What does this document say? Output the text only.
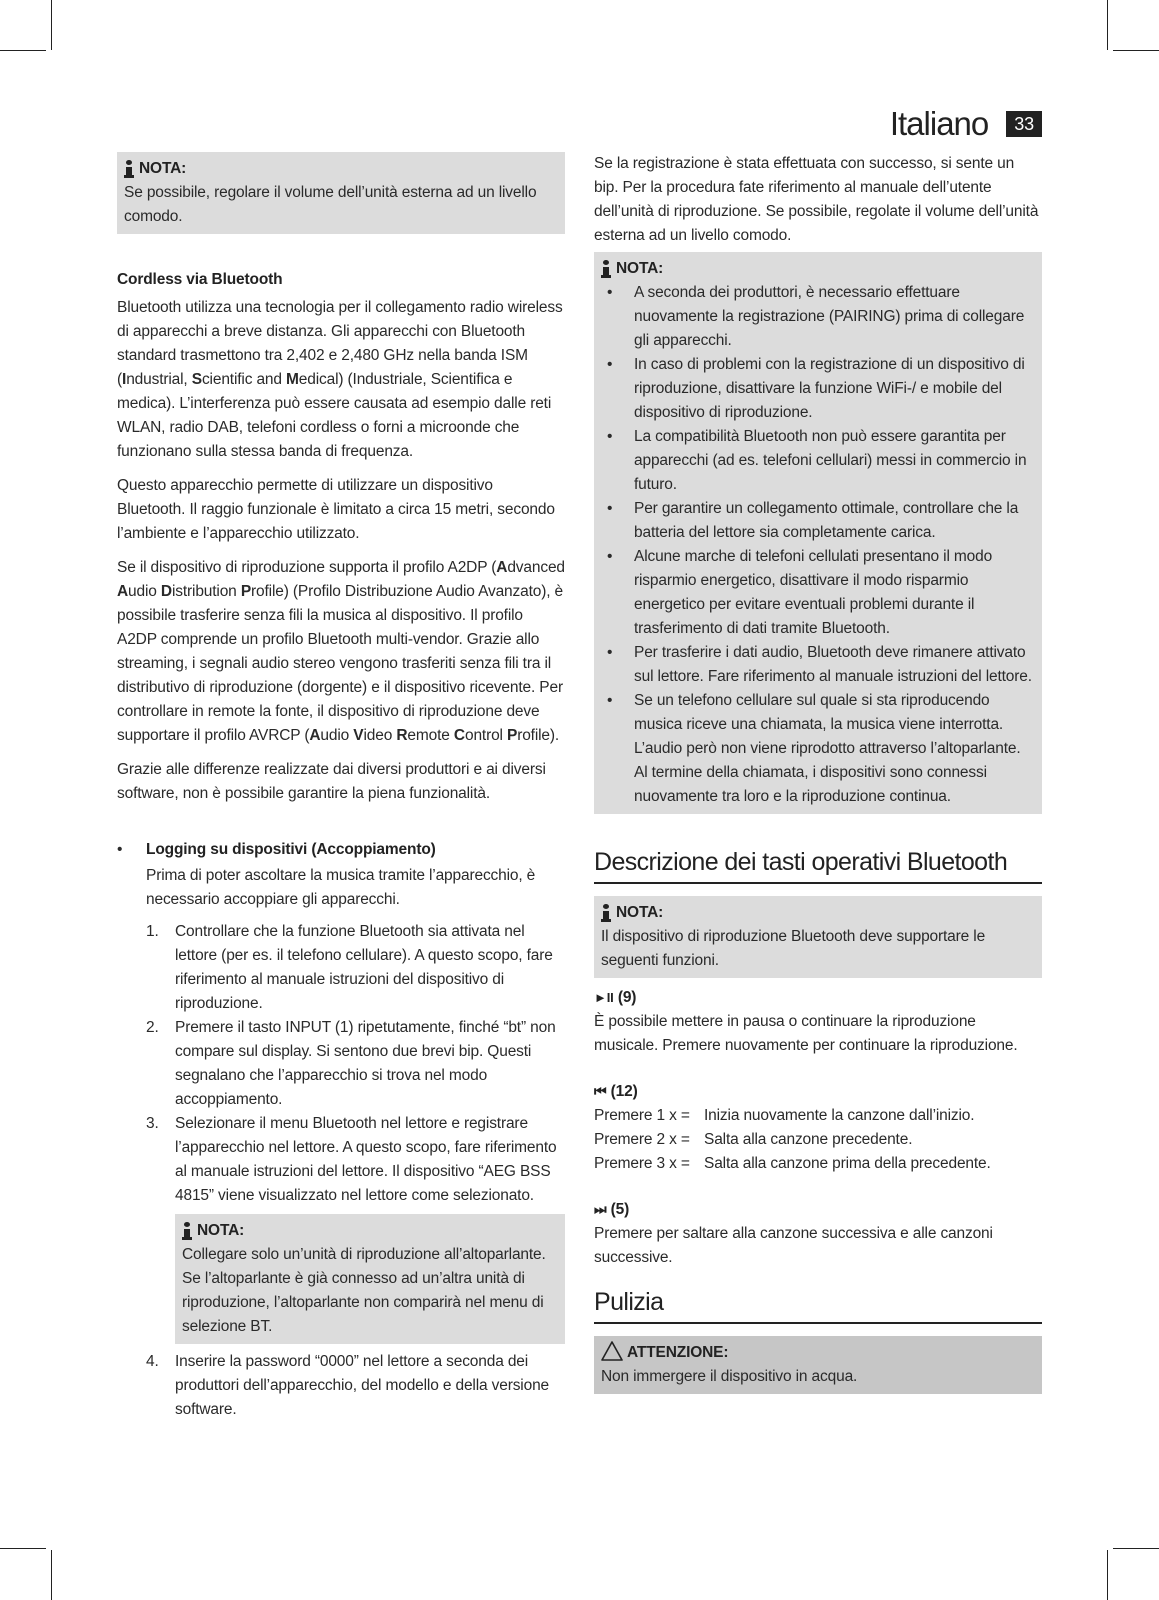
Italiano	33
NOTA:

Se possibile, regolare il volume dell’unità esterna ad un livello comodo.

Cordless via Bluetooth

Bluetooth utilizza una tecnologia per il collegamento radio wireless di apparecchi a breve distanza. Gli apparecchi con Bluetooth standard trasmettono tra 2,402 e 2,480 GHz nella banda ISM (Industrial, Scientific and Medical) (Industriale, Scientifica e medica). L’interferenza può essere causata ad esempio dalle reti WLAN, radio DAB, telefoni cordless o forni a microonde che funzionano sulla stessa banda di frequenza.

Questo apparecchio permette di utilizzare un dispositivo Bluetooth. Il raggio funzionale è limitato a circa 15 metri, secondo l’ambiente e l’apparecchio utilizzato.

Se il dispositivo di riproduzione supporta il profilo A2DP (Advanced Audio Distribution Profile) (Profilo Distribuzione Audio Avanzato), è possibile trasferire senza fili la musica al dispositivo. Il profilo A2DP comprende un profilo Bluetooth multi-vendor. Grazie allo streaming, i segnali audio stereo vengono trasferiti senza fili tra il distributivo di riproduzione (dorgente) e il dispositivo ricevente. Per controllare in remote la fonte, il dispositivo di riproduzione deve supportare il profilo AVRCP (Audio Video Remote Control Profile).

Grazie alle differenze realizzate dai diversi produttori e ai diversi software, non è possibile garantire la piena funzionalità.

•	Logging su dispositivi (Accoppiamento)

Prima di poter ascoltare la musica tramite l’apparecchio, è necessario accoppiare gli apparecchi.

1.	Controllare che la funzione Bluetooth sia attivata nel lettore (per es. il telefono cellulare). A questo scopo, fare riferimento al manuale istruzioni del dispositivo di riproduzione.

2.	Premere il tasto INPUT (1) ripetutamente, finché “bt” non compare sul display. Si sentono due brevi bip. Questi segnalano che l’apparecchio si trova nel modo accoppiamento.

3.	Selezionare il menu Bluetooth nel lettore e registrare l’apparecchio nel lettore. A questo scopo, fare riferimento al manuale istruzioni del lettore. Il dispositivo “AEG BSS 4815” viene visualizzato nel lettore come selezionato.

NOTA:

Collegare solo un’unità di riproduzione all’altoparlante. Se l’altoparlante è già connesso ad un’altra unità di riproduzione, l’altoparlante non comparirà nel menu di selezione BT.

4.	Inserire la password “0000” nel lettore a seconda dei produttori dell’apparecchio, del modello e della versione software.

Se la registrazione è stata effettuata con successo, si sente un bip. Per la procedura fate riferimento al manuale dell’utente dell’unità di riproduzione. Se possibile, regolate il volume dell’unità esterna ad un livello comodo.

NOTA:
•	A seconda dei produttori, è necessario effettuare nuovamente la registrazione (PAIRING) prima di collegare gli apparecchi.

•	In caso di problemi con la registrazione di un dispositivo di riproduzione, disattivare la funzione WiFi-/ e mobile del dispositivo di riproduzione.

•	La compatibilità Bluetooth non può essere garantita per apparecchi (ad es. telefoni cellulari) messi in commercio in futuro.

•	Per garantire un collegamento ottimale, controllare che la batteria del lettore sia completamente carica.

•	Alcune marche di telefoni cellulati presentano il modo risparmio energetico, disattivare il modo risparmio energetico per evitare eventuali problemi durante il trasferimento di dati tramite Bluetooth.

•	Per trasferire i dati audio, Bluetooth deve rimanere attivato sul lettore. Fare riferimento al manuale istruzioni del lettore.

•	Se un telefono cellulare sul quale si sta riproducendo musica riceve una chiamata, la musica viene interrotta. L’audio però non viene riprodotto attraverso l’altoparlante. Al termine della chiamata, i dispositivi sono connessi nuovamente tra loro e la riproduzione continua.

Descrizione dei tasti operativi Bluetooth
NOTA:

Il dispositivo di riproduzione Bluetooth deve supportare le seguenti funzioni.

►II (9)

È possibile mettere in pausa o continuare la riproduzione musicale. Premere nuovamente per continuare la riproduzione.

⏮ (12)
Premere 1 x = Inizia nuovamente la canzone dall’inizio.
Premere 2 x = Salta alla canzone precedente.
Premere 3 x = Salta alla canzone prima della precedente.
⏭ (5)

Premere per saltare alla canzone successiva e alle canzoni successive.

Pulizia
ATTENZIONE:

Non immergere il dispositivo in acqua.
